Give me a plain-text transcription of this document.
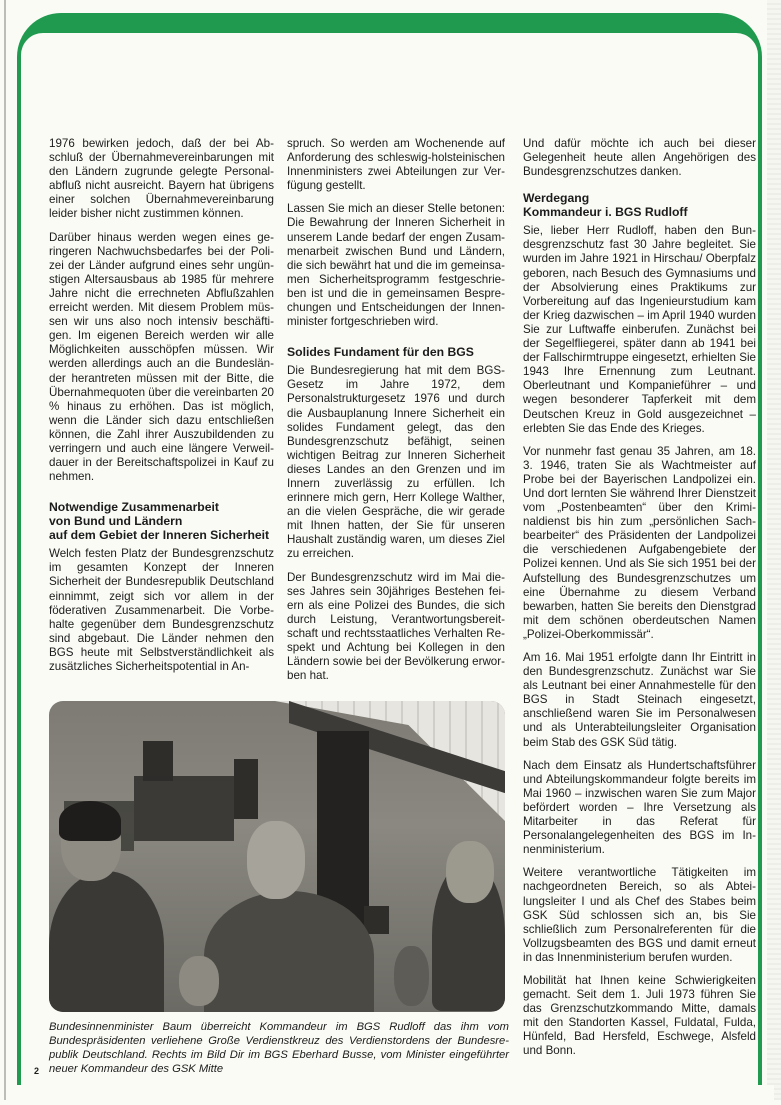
1976 bewirken jedoch, daß der bei Abschluß der Übernahmevereinbarungen mit den Ländern zugrunde gelegte Personalabfluß nicht ausreicht. Bayern hat übrigens einer solchen Übernahmevereinbarung leider bisher nicht zustimmen können.

Darüber hinaus werden wegen eines geringeren Nachwuchsbedarfes bei der Polizei der Länder aufgrund eines sehr ungünstigen Altersausbaus ab 1985 für mehrere Jahre nicht die errechneten Abflußzahlen erreicht werden. Mit diesem Problem müssen wir uns also noch intensiv beschäftigen. Im eigenen Bereich werden wir alle Möglichkeiten ausschöpfen müssen. Wir werden allerdings auch an die Bundesländer herantreten müssen mit der Bitte, die Übernahmequoten über die vereinbarten 20 % hinaus zu erhöhen. Das ist möglich, wenn die Länder sich dazu entschließen können, die Zahl ihrer Auszubildenden zu verringern und auch eine längere Verweildauer in der Bereitschaftspolizei in Kauf zu nehmen.

Notwendige Zusammenarbeit
von Bund und Ländern
auf dem Gebiet der Inneren Sicherheit

Welch festen Platz der Bundesgrenzschutz im gesamten Konzept der Inneren Sicherheit der Bundesrepublik Deutschland einnimmt, zeigt sich vor allem in der föderativen Zusammenarbeit. Die Vorbehalte gegenüber dem Bundesgrenzschutz sind abgebaut. Die Länder nehmen den BGS heute mit Selbstverständlichkeit als zusätzliches Sicherheitspotential in An-

spruch. So werden am Wochenende auf Anforderung des schleswig-holsteinischen Innenministers zwei Abteilungen zur Verfügung gestellt.

Lassen Sie mich an dieser Stelle betonen: Die Bewahrung der Inneren Sicherheit in unserem Lande bedarf der engen Zusammenarbeit zwischen Bund und Ländern, die sich bewährt hat und die im gemeinsamen Sicherheitsprogramm festgeschrieben ist und die in gemeinsamen Besprechungen und Entscheidungen der Innenminister fortgeschrieben wird.

Solides Fundament für den BGS

Die Bundesregierung hat mit dem BGS-Gesetz im Jahre 1972, dem Personalstrukturgesetz 1976 und durch die Ausbauplanung Innere Sicherheit ein solides Fundament gelegt, das den Bundesgrenzschutz befähigt, seinen wichtigen Beitrag zur Inneren Sicherheit dieses Landes an den Grenzen und im Innern zuverlässig zu erfüllen. Ich erinnere mich gern, Herr Kollege Walther, an die vielen Gespräche, die wir gerade mit Ihnen hatten, der Sie für unseren Haushalt zuständig waren, um dieses Ziel zu erreichen.

Der Bundesgrenzschutz wird im Mai dieses Jahres sein 30jähriges Bestehen feiern als eine Polizei des Bundes, die sich durch Leistung, Verantwortungsbereitschaft und rechtsstaatliches Verhalten Respekt und Achtung bei Kollegen in den Ländern sowie bei der Bevölkerung erworben hat.

Und dafür möchte ich auch bei dieser Gelegenheit heute allen Angehörigen des Bundesgrenzschutzes danken.

Werdegang
Kommandeur i. BGS Rudloff

Sie, lieber Herr Rudloff, haben den Bundesgrenzschutz fast 30 Jahre begleitet. Sie wurden im Jahre 1921 in Hirschau/ Oberpfalz geboren, nach Besuch des Gymnasiums und der Absolvierung eines Praktikums zur Vorbereitung auf das Ingenieurstudium kam der Krieg dazwischen – im April 1940 wurden Sie zur Luftwaffe einberufen. Zunächst bei der Segelfliegerei, später dann ab 1941 bei der Fallschirmtruppe eingesetzt, erhielten Sie 1943 Ihre Ernennung zum Leutnant. Oberleutnant und Kompanieführer – und wegen besonderer Tapferkeit mit dem Deutschen Kreuz in Gold ausgezeichnet – erlebten Sie das Ende des Krieges.

Vor nunmehr fast genau 35 Jahren, am 18. 3. 1946, traten Sie als Wachtmeister auf Probe bei der Bayerischen Landpolizei ein. Und dort lernten Sie während Ihrer Dienstzeit vom „Postenbeamten“ über den Kriminaldienst bis hin zum „persönlichen Sachbearbeiter“ des Präsidenten der Landpolizei die verschiedenen Aufgabengebiete der Polizei kennen. Und als Sie sich 1951 bei der Aufstellung des Bundesgrenzschutzes um eine Übernahme zu diesem Verband bewarben, hatten Sie bereits den Dienstgrad mit dem schönen oberdeutschen Namen „Polizei-Oberkommissär“.

Am 16. Mai 1951 erfolgte dann Ihr Eintritt in den Bundesgrenzschutz. Zunächst war Sie als Leutnant bei einer Annahmestelle für den BGS in Stadt Steinach eingesetzt, anschließend waren Sie im Personalwesen und als Unterabteilungsleiter Organisation beim Stab des GSK Süd tätig.

Nach dem Einsatz als Hundertschaftsführer und Abteilungskommandeur folgte bereits im Mai 1960 – inzwischen waren Sie zum Major befördert worden – Ihre Versetzung als Mitarbeiter in das Referat für Personalangelegenheiten des BGS im Innenministerium.

Weitere verantwortliche Tätigkeiten im nachgeordneten Bereich, so als Abteilungsleiter I und als Chef des Stabes beim GSK Süd schlossen sich an, bis Sie schließlich zum Personalreferenten für die Vollzugsbeamten des BGS und damit erneut in das Innenministerium berufen wurden.

Mobilität hat Ihnen keine Schwierigkeiten gemacht. Seit dem 1. Juli 1973 führen Sie das Grenzschutzkommando Mitte, damals mit den Standorten Kassel, Fuldatal, Fulda, Hünfeld, Bad Hersfeld, Eschwege, Alsfeld und Bonn.

Bundesinnenminister Baum überreicht Kommandeur im BGS Rudloff das ihm vom Bundespräsidenten verliehene Große Verdienstkreuz des Verdienstordens der Bundesrepublik Deutschland. Rechts im Bild Dir im BGS Eberhard Busse, vom Minister eingeführter neuer Kommandeur des GSK Mitte
2
